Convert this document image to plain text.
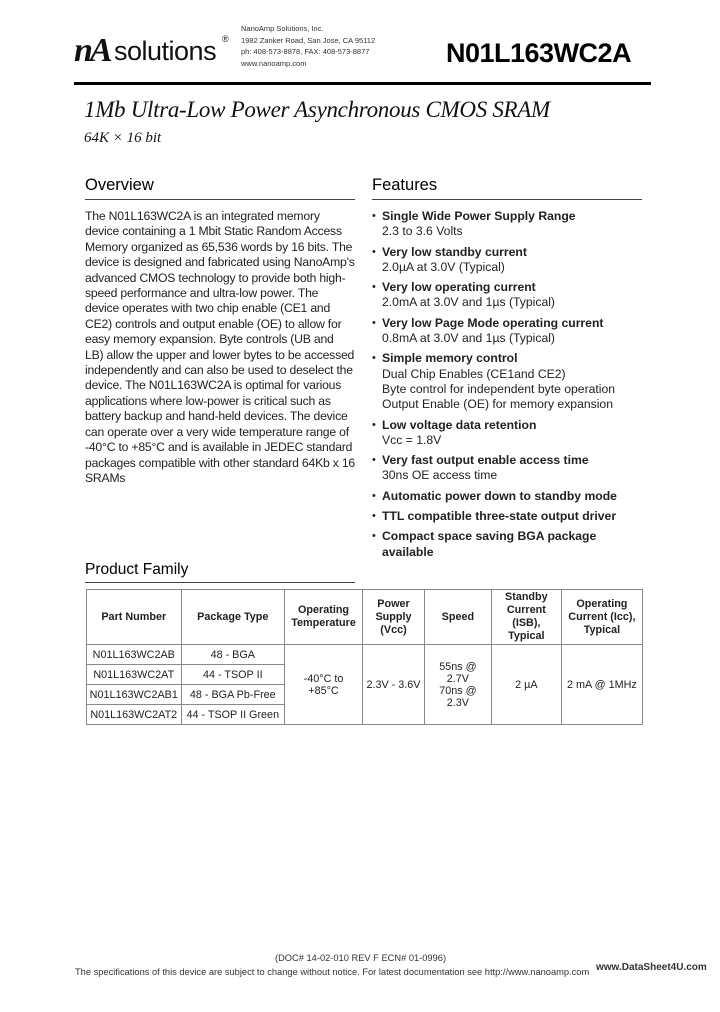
nA solutions ®
NanoAmp Solutions, Inc.
1982 Zanker Road, San Jose, CA 95112
ph: 408-573-8878, FAX: 408-573-8877
www.nanoamp.com	N01L163WC2A
1Mb Ultra-Low Power Asynchronous CMOS SRAM
64K × 16 bit
Overview
The N01L163WC2A is an integrated memory device containing a 1 Mbit Static Random Access Memory organized as 65,536 words by 16 bits. The device is designed and fabricated using NanoAmp's advanced CMOS technology to provide both high-speed performance and ultra-low power. The device operates with two chip enable (CE1 and CE2) controls and output enable (OE) to allow for easy memory expansion. Byte controls (UB and LB) allow the upper and lower bytes to be accessed independently and can also be used to deselect the device. The N01L163WC2A is optimal for various applications where low-power is critical such as battery backup and hand-held devices. The device can operate over a very wide temperature range of -40°C to +85°C and is available in JEDEC standard packages compatible with other standard 64Kb x 16 SRAMs
Features
• Single Wide Power Supply Range
2.3 to 3.6 Volts
• Very low standby current
2.0µA at 3.0V (Typical)
• Very low operating current
2.0mA at 3.0V and 1µs (Typical)
• Very low Page Mode operating current
0.8mA at 3.0V and 1µs (Typical)
• Simple memory control
Dual Chip Enables (CE1and CE2)
Byte control for independent byte operation
Output Enable (OE) for memory expansion
• Low voltage data retention
Vcc = 1.8V
• Very fast output enable access time
30ns OE access time
• Automatic power down to standby mode
• TTL compatible three-state output driver
• Compact space saving BGA package available
Product Family
Part Number	Package Type	Operating Temperature	Power Supply (Vcc)	Speed	Standby Current (ISB), Typical	Operating Current (Icc), Typical
N01L163WC2AB	48 - BGA	-40°C to +85°C	2.3V - 3.6V	55ns @ 2.7V
70ns @ 2.3V	2 µA	2 mA @ 1MHz
N01L163WC2AT	44 - TSOP II					
N01L163WC2AB1	48 - BGA Pb-Free					
N01L163WC2AT2	44 - TSOP II Green					
(DOC# 14-02-010 REV F ECN# 01-0996)
The specifications of this device are subject to change without notice. For latest documentation see http://www.nanoamp.com www.DataSheet4U.com
